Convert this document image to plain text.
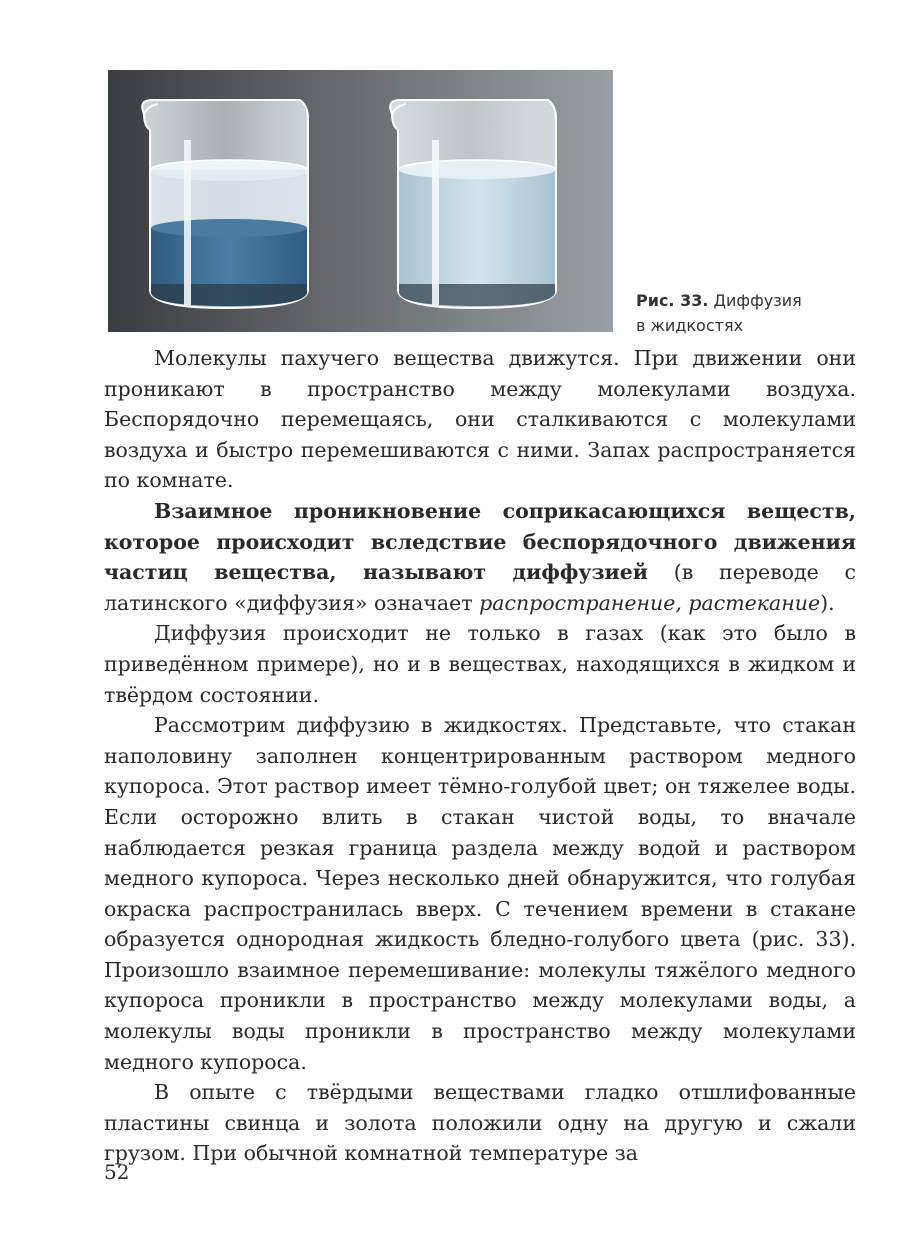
Рис. 33. Диффузия
в жидкостях

Молекулы пахучего вещества движутся. При движении они проникают в пространство между молекулами воздуха. Беспорядочно перемещаясь, они сталкиваются с молекулами воздуха и быстро перемешиваются с ними. Запах распространяется по комнате.

Взаимное проникновение соприкасающихся веществ, которое происходит вследствие беспорядочного движения частиц вещества, называют диффузией (в переводе с латинского «диффузия» означает распространение, растекание).

Диффузия происходит не только в газах (как это было в приведённом примере), но и в веществах, находящихся в жидком и твёрдом состоянии.

Рассмотрим диффузию в жидкостях. Представьте, что стакан наполовину заполнен концентрированным раствором медного купороса. Этот раствор имеет тёмно-голубой цвет; он тяжелее воды. Если осторожно влить в стакан чистой воды, то вначале наблюдается резкая граница раздела между водой и раствором медного купороса. Через несколько дней обнаружится, что голубая окраска распространилась вверх. С течением времени в стакане образуется однородная жидкость бледно-голубого цвета (рис. 33). Произошло взаимное перемешивание: молекулы тяжёлого медного купороса проникли в пространство между молекулами воды, а молекулы воды проникли в пространство между молекулами медного купороса.

В опыте с твёрдыми веществами гладко отшлифованные пластины свинца и золота положили одну на другую и сжали грузом. При обычной комнатной температуре за

52
